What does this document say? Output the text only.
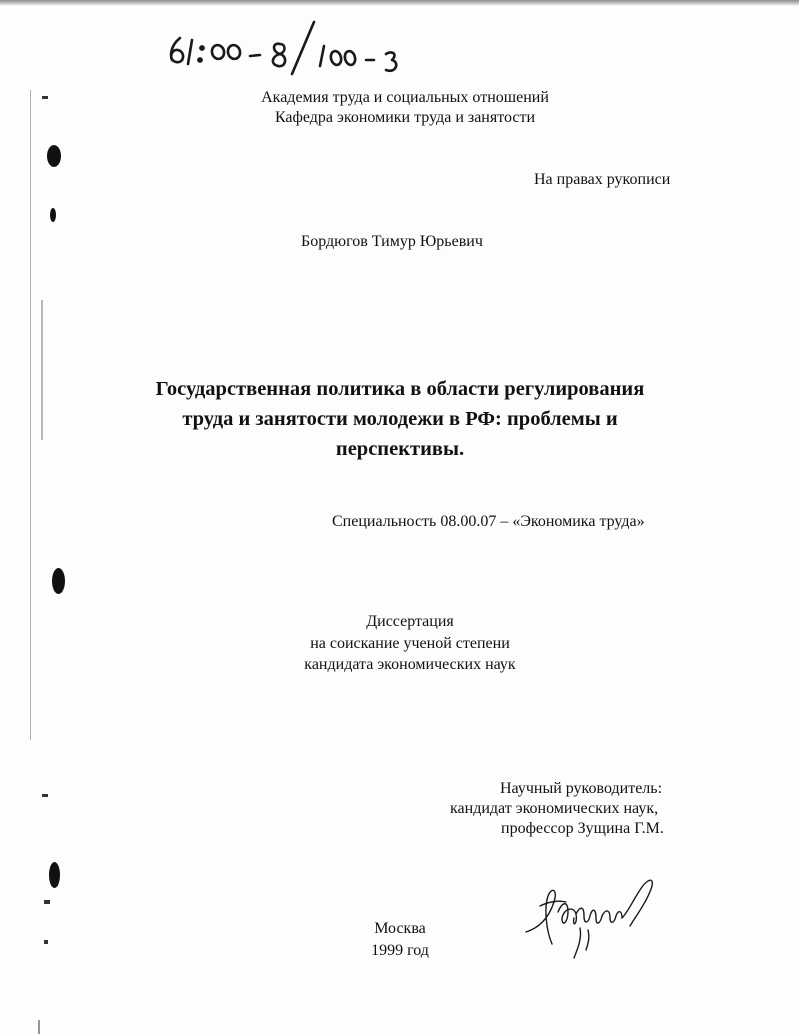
Академия труда и социальных отношений
Кафедра экономики труда и занятости
На правах рукописи
Бордюгов Тимур Юрьевич
Государственная политика в области регулирования
труда и занятости молодежи в РФ: проблемы и
перспективы.
Специальность 08.00.07 – «Экономика труда»
Диссертация
на соискание ученой степени
кандидата экономических наук
Научный руководитель:
кандидат экономических наук,
профессор Зущина Г.М.
Москва
1999 год
